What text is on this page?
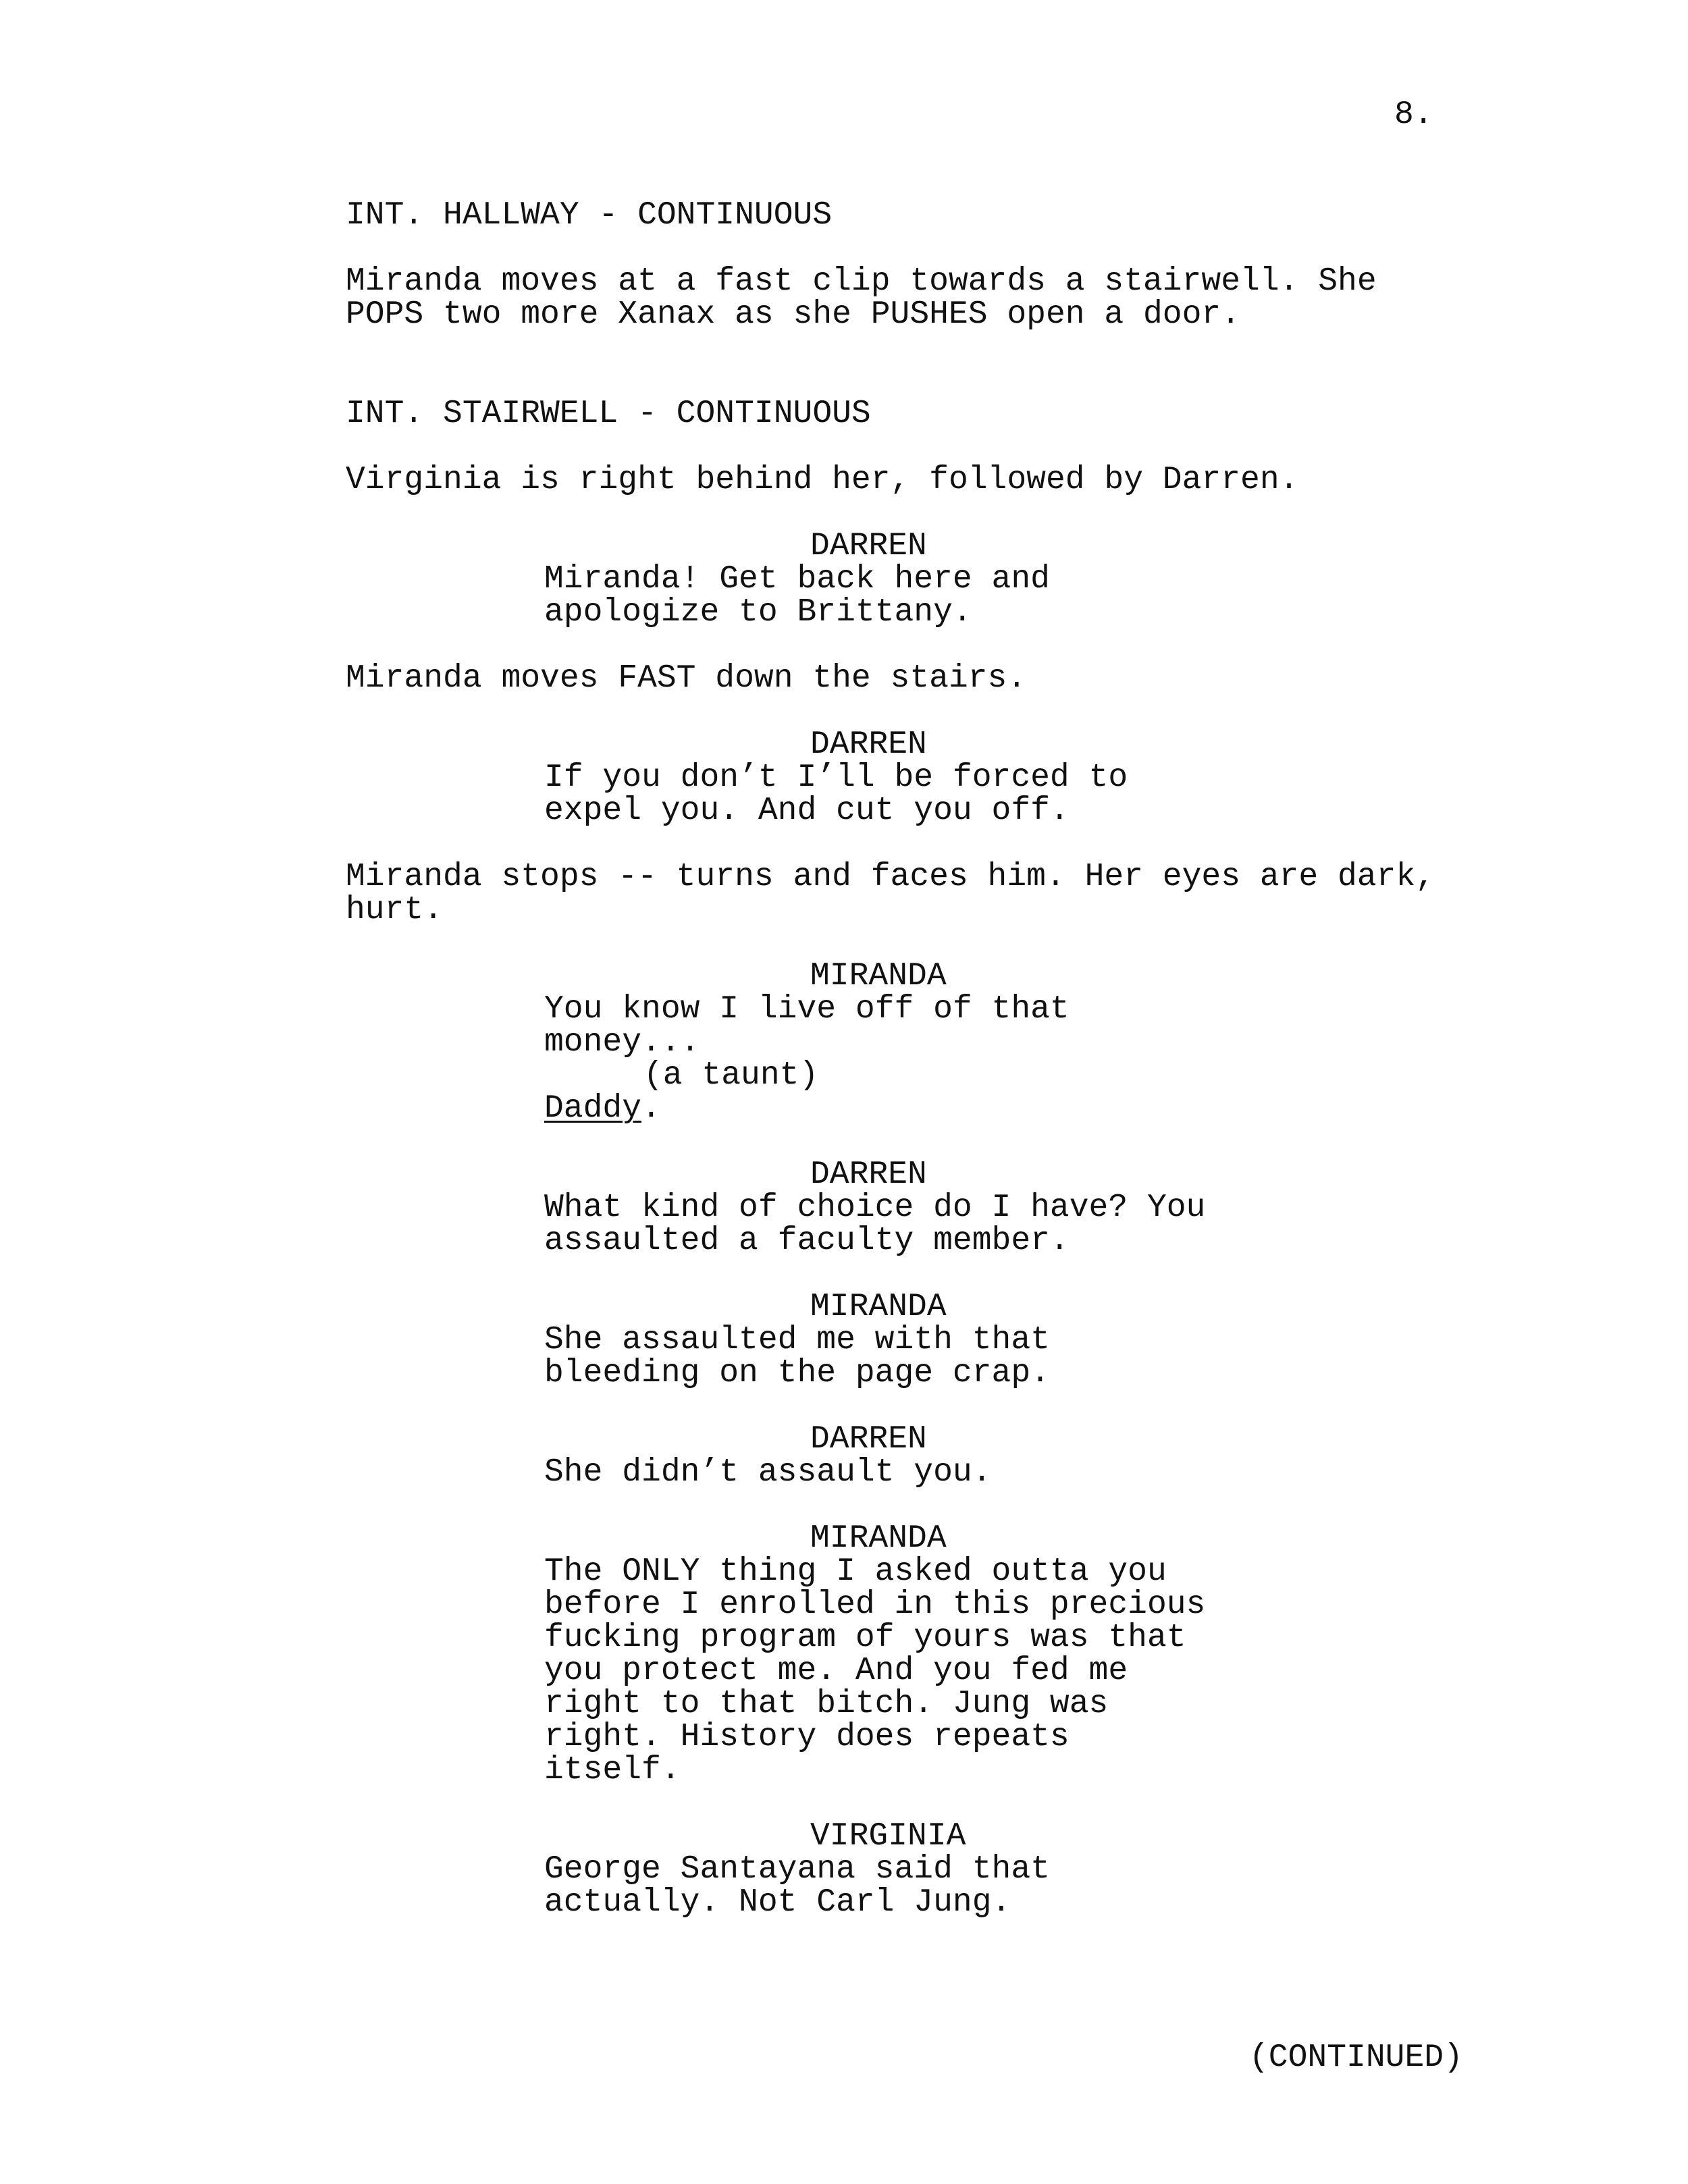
8.
INT. HALLWAY - CONTINUOUS
Miranda moves at a fast clip towards a stairwell. She
POPS two more Xanax as she PUSHES open a door.
INT. STAIRWELL - CONTINUOUS
Virginia is right behind her, followed by Darren.
DARREN
Miranda! Get back here and
apologize to Brittany.
Miranda moves FAST down the stairs.
DARREN
If you don’t I’ll be forced to
expel you. And cut you off.
Miranda stops -- turns and faces him. Her eyes are dark,
hurt.
MIRANDA
You know I live off of that
money...
(a taunt)
Daddy.
DARREN
What kind of choice do I have? You
assaulted a faculty member.
MIRANDA
She assaulted me with that
bleeding on the page crap.
DARREN
She didn’t assault you.
MIRANDA
The ONLY thing I asked outta you
before I enrolled in this precious
fucking program of yours was that
you protect me. And you fed me
right to that bitch. Jung was
right. History does repeats
itself.
VIRGINIA
George Santayana said that
actually. Not Carl Jung.
(CONTINUED)
